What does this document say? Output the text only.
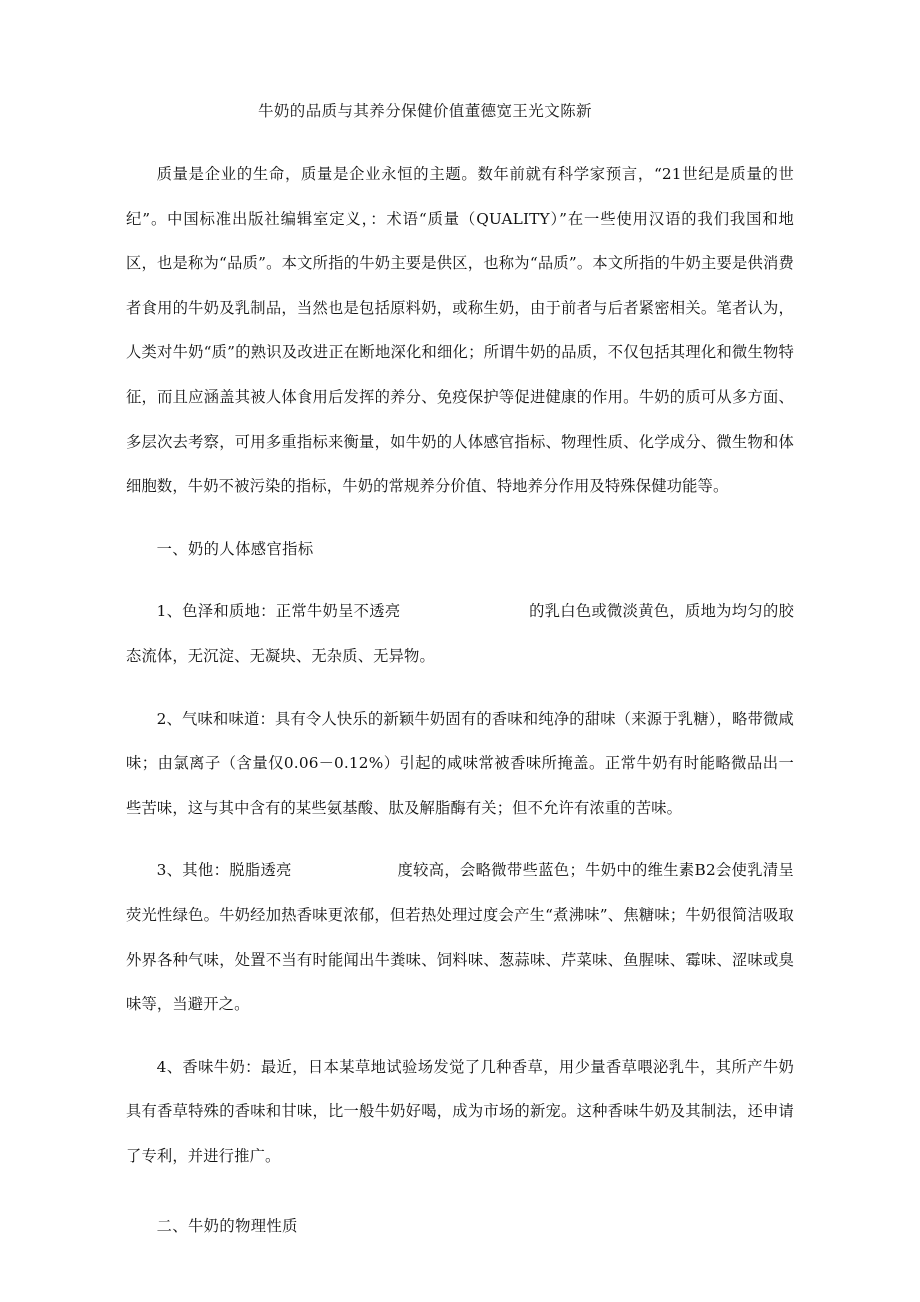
牛奶的品质与其养分保健价值董德宽王光文陈新

质量是企业的生命，质量是企业永恒的主题。数年前就有科学家预言，“21世纪是质量的世纪”。中国标准出版社编辑室定义，：术语“质量（QUALITY）”在一些使用汉语的我们我国和地区，也是称为“品质”。本文所指的牛奶主要是供区，也称为“品质”。本文所指的牛奶主要是供消费者食用的牛奶及乳制品，当然也是包括原料奶，或称生奶，由于前者与后者紧密相关。笔者认为，人类对牛奶“质”的熟识及改进正在断地深化和细化；所谓牛奶的品质，不仅包括其理化和微生物特征，而且应涵盖其被人体食用后发挥的养分、免疫保护等促进健康的作用。牛奶的质可从多方面、多层次去考察，可用多重指标来衡量，如牛奶的人体感官指标、物理性质、化学成分、微生物和体细胞数，牛奶不被污染的指标，牛奶的常规养分价值、特地养分作用及特殊保健功能等。

一、奶的人体感官指标

1、色泽和质地：正常牛奶呈不透亮	的乳白色或微淡黄色，质地为均匀的胶态流体，无沉淀、无凝块、无杂质、无异物。

2、气味和味道：具有令人快乐的新颖牛奶固有的香味和纯净的甜味（来源于乳糖），略带微咸味；由氯离子（含量仅0.06－0.12%）引起的咸味常被香味所掩盖。正常牛奶有时能略微品出一些苦味，这与其中含有的某些氨基酸、肽及解脂酶有关；但不允许有浓重的苦味。

3、其他：脱脂透亮	度较高，会略微带些蓝色；牛奶中的维生素B2会使乳清呈荧光性绿色。牛奶经加热香味更浓郁，但若热处理过度会产生“煮沸味”、焦糖味；牛奶很简洁吸取外界各种气味，处置不当有时能闻出牛粪味、饲料味、葱蒜味、芹菜味、鱼腥味、霉味、涩味或臭味等，当避开之。

4、香味牛奶：最近，日本某草地试验场发觉了几种香草，用少量香草喂泌乳牛，其所产牛奶具有香草特殊的香味和甘味，比一般牛奶好喝，成为市场的新宠。这种香味牛奶及其制法，还申请了专利，并进行推广。

二、牛奶的物理性质
